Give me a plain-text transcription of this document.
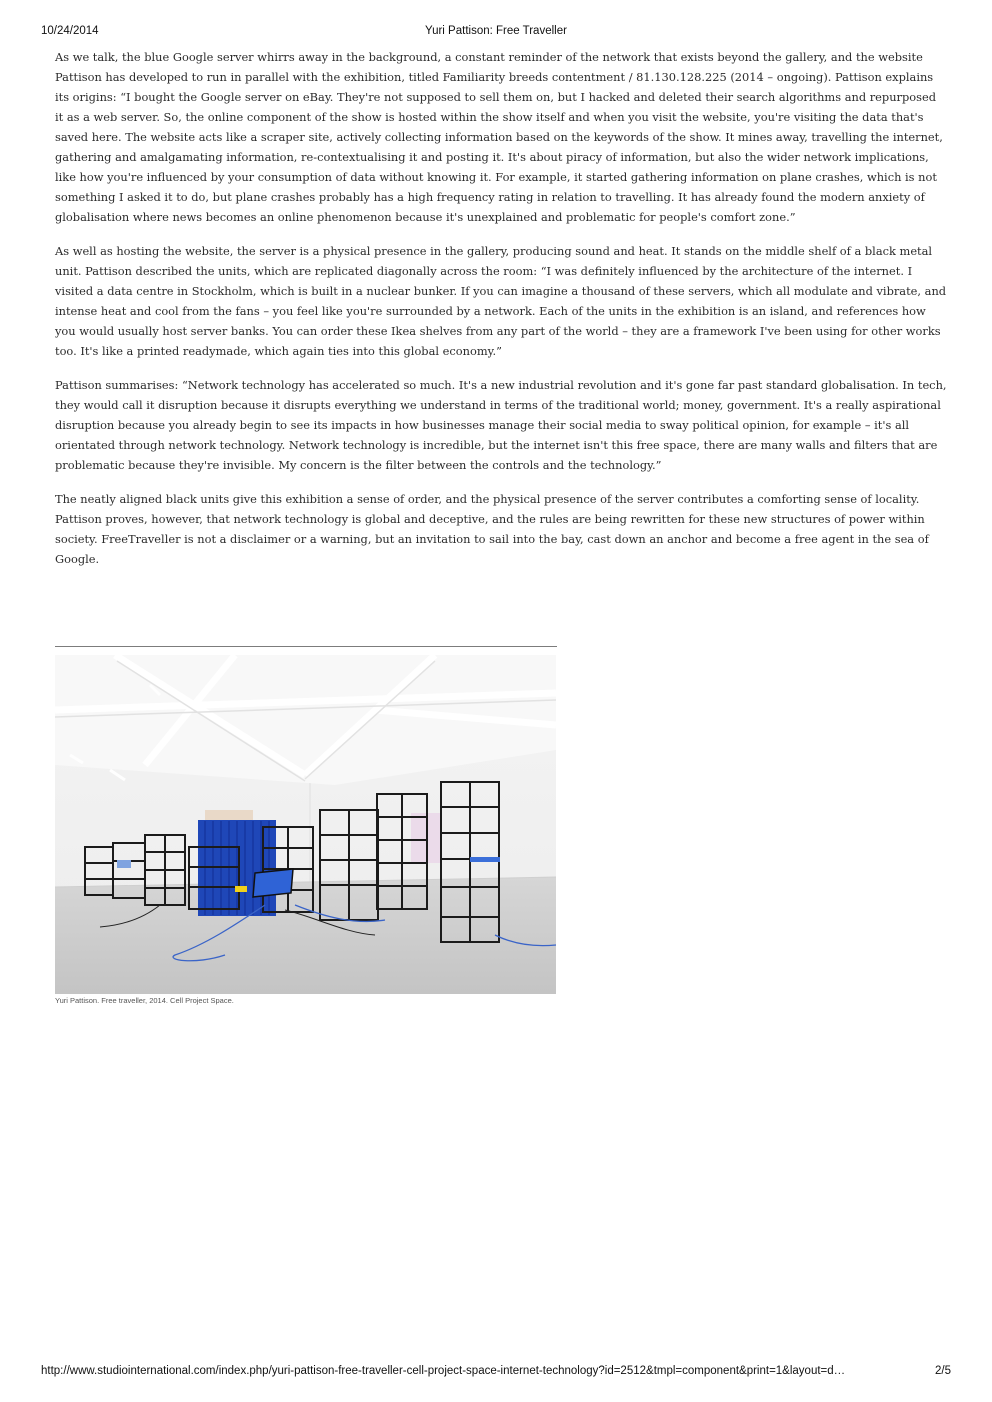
10/24/2014	Yuri Pattison: Free Traveller

As we talk, the blue Google server whirrs away in the background, a constant reminder of the network that exists beyond the gallery, and the website Pattison has developed to run in parallel with the exhibition, titled Familiarity breeds contentment / 81.130.128.225 (2014 – ongoing). Pattison explains its origins: “I bought the Google server on eBay. They're not supposed to sell them on, but I hacked and deleted their search algorithms and repurposed it as a web server. So, the online component of the show is hosted within the show itself and when you visit the website, you're visiting the data that's saved here. The website acts like a scraper site, actively collecting information based on the keywords of the show. It mines away, travelling the internet, gathering and amalgamating information, re-contextualising it and posting it. It's about piracy of information, but also the wider network implications, like how you're influenced by your consumption of data without knowing it. For example, it started gathering information on plane crashes, which is not something I asked it to do, but plane crashes probably has a high frequency rating in relation to travelling. It has already found the modern anxiety of globalisation where news becomes an online phenomenon because it's unexplained and problematic for people's comfort zone.”

As well as hosting the website, the server is a physical presence in the gallery, producing sound and heat. It stands on the middle shelf of a black metal unit. Pattison described the units, which are replicated diagonally across the room: “I was definitely influenced by the architecture of the internet. I visited a data centre in Stockholm, which is built in a nuclear bunker. If you can imagine a thousand of these servers, which all modulate and vibrate, and intense heat and cool from the fans – you feel like you're surrounded by a network. Each of the units in the exhibition is an island, and references how you would usually host server banks. You can order these Ikea shelves from any part of the world – they are a framework I've been using for other works too. It's like a printed readymade, which again ties into this global economy.”

Pattison summarises: “Network technology has accelerated so much. It's a new industrial revolution and it's gone far past standard globalisation. In tech, they would call it disruption because it disrupts everything we understand in terms of the traditional world; money, government. It's a really aspirational disruption because you already begin to see its impacts in how businesses manage their social media to sway political opinion, for example – it's all orientated through network technology. Network technology is incredible, but the internet isn't this free space, there are many walls and filters that are problematic because they're invisible. My concern is the filter between the controls and the technology.”

The neatly aligned black units give this exhibition a sense of order, and the physical presence of the server contributes a comforting sense of locality. Pattison proves, however, that network technology is global and deceptive, and the rules are being rewritten for these new structures of power within society. FreeTraveller is not a disclaimer or a warning, but an invitation to sail into the bay, cast down an anchor and become a free agent in the sea of Google.

Yuri Pattison. Free traveller, 2014. Cell Project Space.
http://www.studiointernational.com/index.php/yuri-pattison-free-traveller-cell-project-space-internet-technology?id=2512&tmpl=component&print=1&layout=d…	2/5
